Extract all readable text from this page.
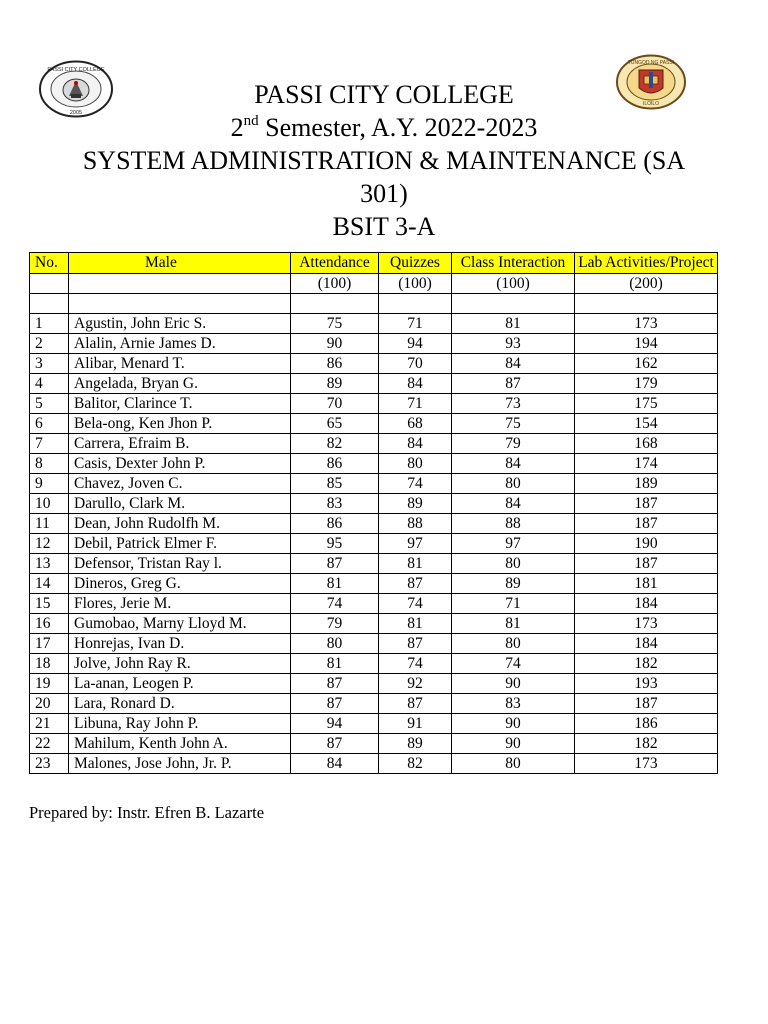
PASSI CITY COLLEGE
2005
TUNGOD NG PASSI
ILOILO
PASSI CITY COLLEGE
2nd Semester, A.Y. 2022-2023
SYSTEM ADMINISTRATION & MAINTENANCE (SA
301)
BSIT 3-A
No.	Male	Attendance	Quizzes	Class Interaction	Lab Activities/Project
		(100)	(100)	(100)	(200)

1	Agustin, John Eric S.	75	71	81	173
2	Alalin, Arnie James D.	90	94	93	194
3	Alibar, Menard T.	86	70	84	162
4	Angelada, Bryan G.	89	84	87	179
5	Balitor, Clarince T.	70	71	73	175
6	Bela-ong, Ken Jhon P.	65	68	75	154
7	Carrera, Efraim B.	82	84	79	168
8	Casis, Dexter John P.	86	80	84	174
9	Chavez, Joven C.	85	74	80	189
10	Darullo, Clark M.	83	89	84	187
11	Dean, John Rudolfh M.	86	88	88	187
12	Debil, Patrick Elmer F.	95	97	97	190
13	Defensor, Tristan Ray l.	87	81	80	187
14	Dineros, Greg G.	81	87	89	181
15	Flores, Jerie M.	74	74	71	184
16	Gumobao, Marny Lloyd M.	79	81	81	173
17	Honrejas, Ivan D.	80	87	80	184
18	Jolve, John Ray R.	81	74	74	182
19	La-anan, Leogen P.	87	92	90	193
20	Lara, Ronard D.	87	87	83	187
21	Libuna, Ray John P.	94	91	90	186
22	Mahilum, Kenth John A.	87	89	90	182
23	Malones, Jose John, Jr. P.	84	82	80	173
Prepared by: Instr. Efren B. Lazarte
